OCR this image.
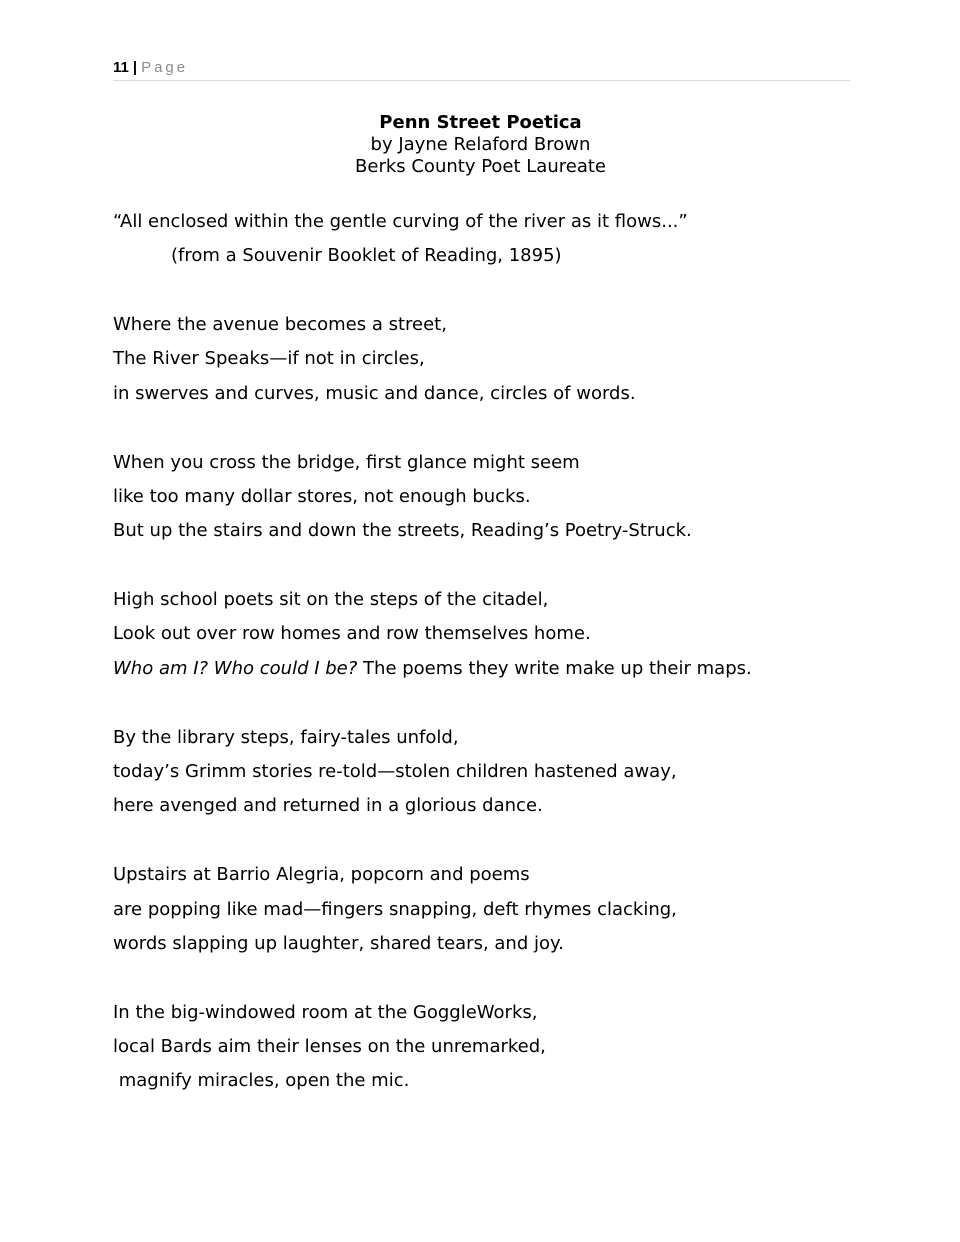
11 | Page
Penn Street Poetica
by Jayne Relaford Brown
Berks County Poet Laureate
“All enclosed within the gentle curving of the river as it flows...”
(from a Souvenir Booklet of Reading, 1895)
Where the avenue becomes a street,
The River Speaks—if not in circles,
in swerves and curves, music and dance, circles of words.
When you cross the bridge, first glance might seem
like too many dollar stores, not enough bucks.
But up the stairs and down the streets, Reading’s Poetry-Struck.
High school poets sit on the steps of the citadel,
Look out over row homes and row themselves home.
Who am I? Who could I be? The poems they write make up their maps.
By the library steps, fairy-tales unfold,
today’s Grimm stories re-told—stolen children hastened away,
here avenged and returned in a glorious dance.
Upstairs at Barrio Alegria, popcorn and poems
are popping like mad—fingers snapping, deft rhymes clacking,
words slapping up laughter, shared tears, and joy.
In the big-windowed room at the GoggleWorks,
local Bards aim their lenses on the unremarked,
magnify miracles, open the mic.
